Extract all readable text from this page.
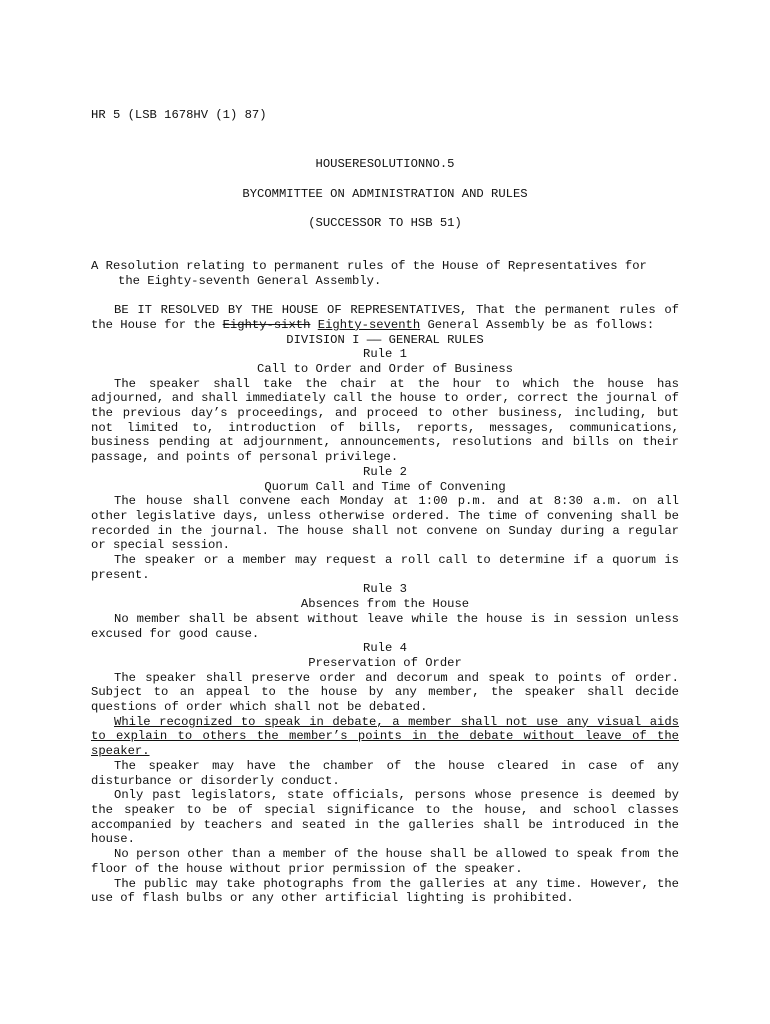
HR 5 (LSB 1678HV (1) 87)
HOUSERESOLUTIONNO.5
BYCOMMITTEE ON ADMINISTRATION AND RULES
(SUCCESSOR TO HSB 51)
A Resolution relating to permanent rules of the House of Representatives for
the Eighty-seventh General Assembly.
BE IT RESOLVED BY THE HOUSE OF REPRESENTATIVES, That the permanent rules of the House for the Eighty-sixth Eighty-seventh General Assembly be as follows:
DIVISION I —— GENERAL RULES
Rule 1
Call to Order and Order of Business
The speaker shall take the chair at the hour to which the house has adjourned, and shall immediately call the house to order, correct the journal of the previous day’s proceedings, and proceed to other business, including, but not limited to, introduction of bills, reports, messages, communications, business pending at adjournment, announcements, resolutions and bills on their passage, and points of personal privilege.
Rule 2
Quorum Call and Time of Convening
The house shall convene each Monday at 1:00 p.m. and at 8:30 a.m. on all other legislative days, unless otherwise ordered. The time of convening shall be recorded in the journal. The house shall not convene on Sunday during a regular or special session.
The speaker or a member may request a roll call to determine if a quorum is present.
Rule 3
Absences from the House
No member shall be absent without leave while the house is in session unless excused for good cause.
Rule 4
Preservation of Order
The speaker shall preserve order and decorum and speak to points of order. Subject to an appeal to the house by any member, the speaker shall decide questions of order which shall not be debated.
While recognized to speak in debate, a member shall not use any visual aids to explain to others the member’s points in the debate without leave of the speaker.
The speaker may have the chamber of the house cleared in case of any disturbance or disorderly conduct.
Only past legislators, state officials, persons whose presence is deemed by the speaker to be of special significance to the house, and school classes accompanied by teachers and seated in the galleries shall be introduced in the house.
No person other than a member of the house shall be allowed to speak from the floor of the house without prior permission of the speaker.
The public may take photographs from the galleries at any time. However, the use of flash bulbs or any other artificial lighting is prohibited.
